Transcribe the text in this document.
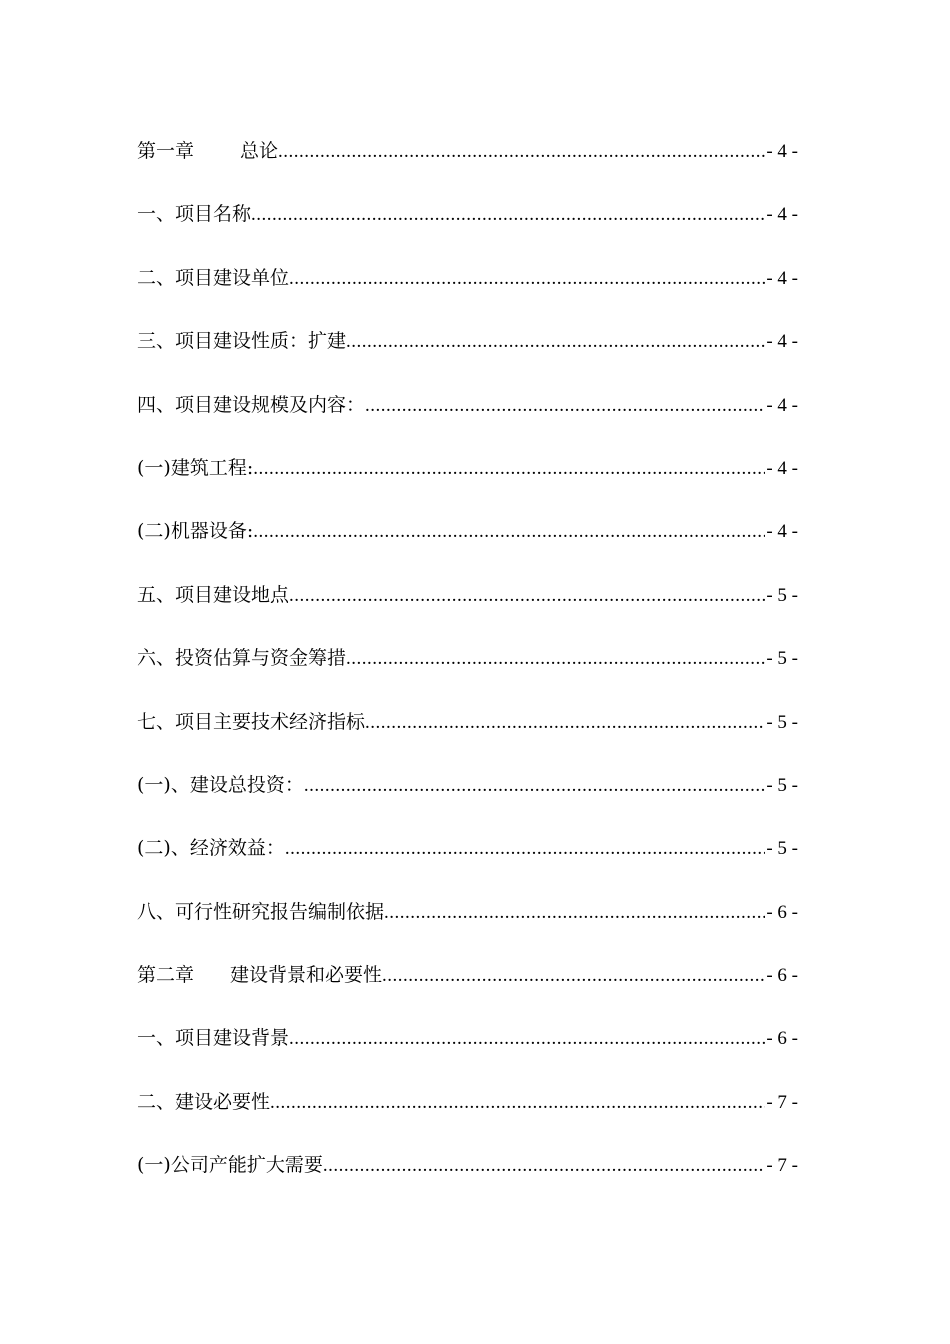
第一章 总论 .....	- 4 -
一、项目名称 .....	- 4 -
二、项目建设单位 .....	- 4 -
三、项目建设性质：扩建 .....	- 4 -
四、项目建设规模及内容： .....	- 4 -
(一)建筑工程: .....	- 4 -
(二)机器设备: .....	- 4 -
五、项目建设地点 .....	- 5 -
六、投资估算与资金筹措 .....	- 5 -
七、项目主要技术经济指标 .....	- 5 -
(一)、建设总投资： .....	- 5 -
(二)、经济效益： .....	- 5 -
八、可行性研究报告编制依据 .....	- 6 -
第二章 建设背景和必要性 .....	- 6 -
一、项目建设背景 .....	- 6 -
二、建设必要性 .....	- 7 -
(一)公司产能扩大需要 .....	- 7 -
